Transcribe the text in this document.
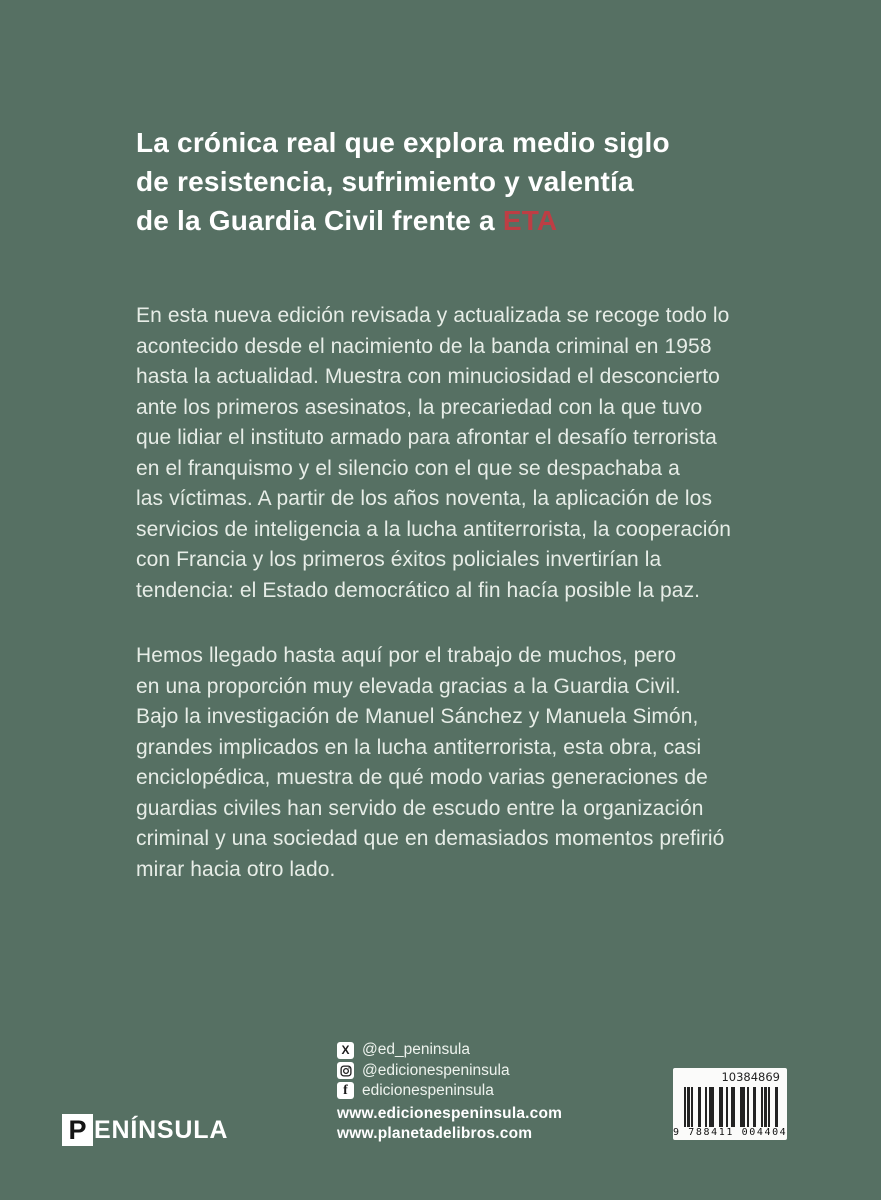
La crónica real que explora medio siglo
de resistencia, sufrimiento y valentía
de la Guardia Civil frente a ETA
En esta nueva edición revisada y actualizada se recoge todo lo
acontecido desde el nacimiento de la banda criminal en 1958
hasta la actualidad. Muestra con minuciosidad el desconcierto
ante los primeros asesinatos, la precariedad con la que tuvo
que lidiar el instituto armado para afrontar el desafío terrorista
en el franquismo y el silencio con el que se despachaba a
las víctimas. A partir de los años noventa, la aplicación de los
servicios de inteligencia a la lucha antiterrorista, la cooperación
con Francia y los primeros éxitos policiales invertirían la
tendencia: el Estado democrático al fin hacía posible la paz.
Hemos llegado hasta aquí por el trabajo de muchos, pero
en una proporción muy elevada gracias a la Guardia Civil.
Bajo la investigación de Manuel Sánchez y Manuela Simón,
grandes implicados en la lucha antiterrorista, esta obra, casi
enciclopédica, muestra de qué modo varias generaciones de
guardias civiles han servido de escudo entre la organización
criminal y una sociedad que en demasiados momentos prefirió
mirar hacia otro lado.
X @ed_peninsula
@edicionespeninsula
f edicionespeninsula
www.edicionespeninsula.com
www.planetadelibros.com
P ENÍNSULA
10384869
9 788411 004404
